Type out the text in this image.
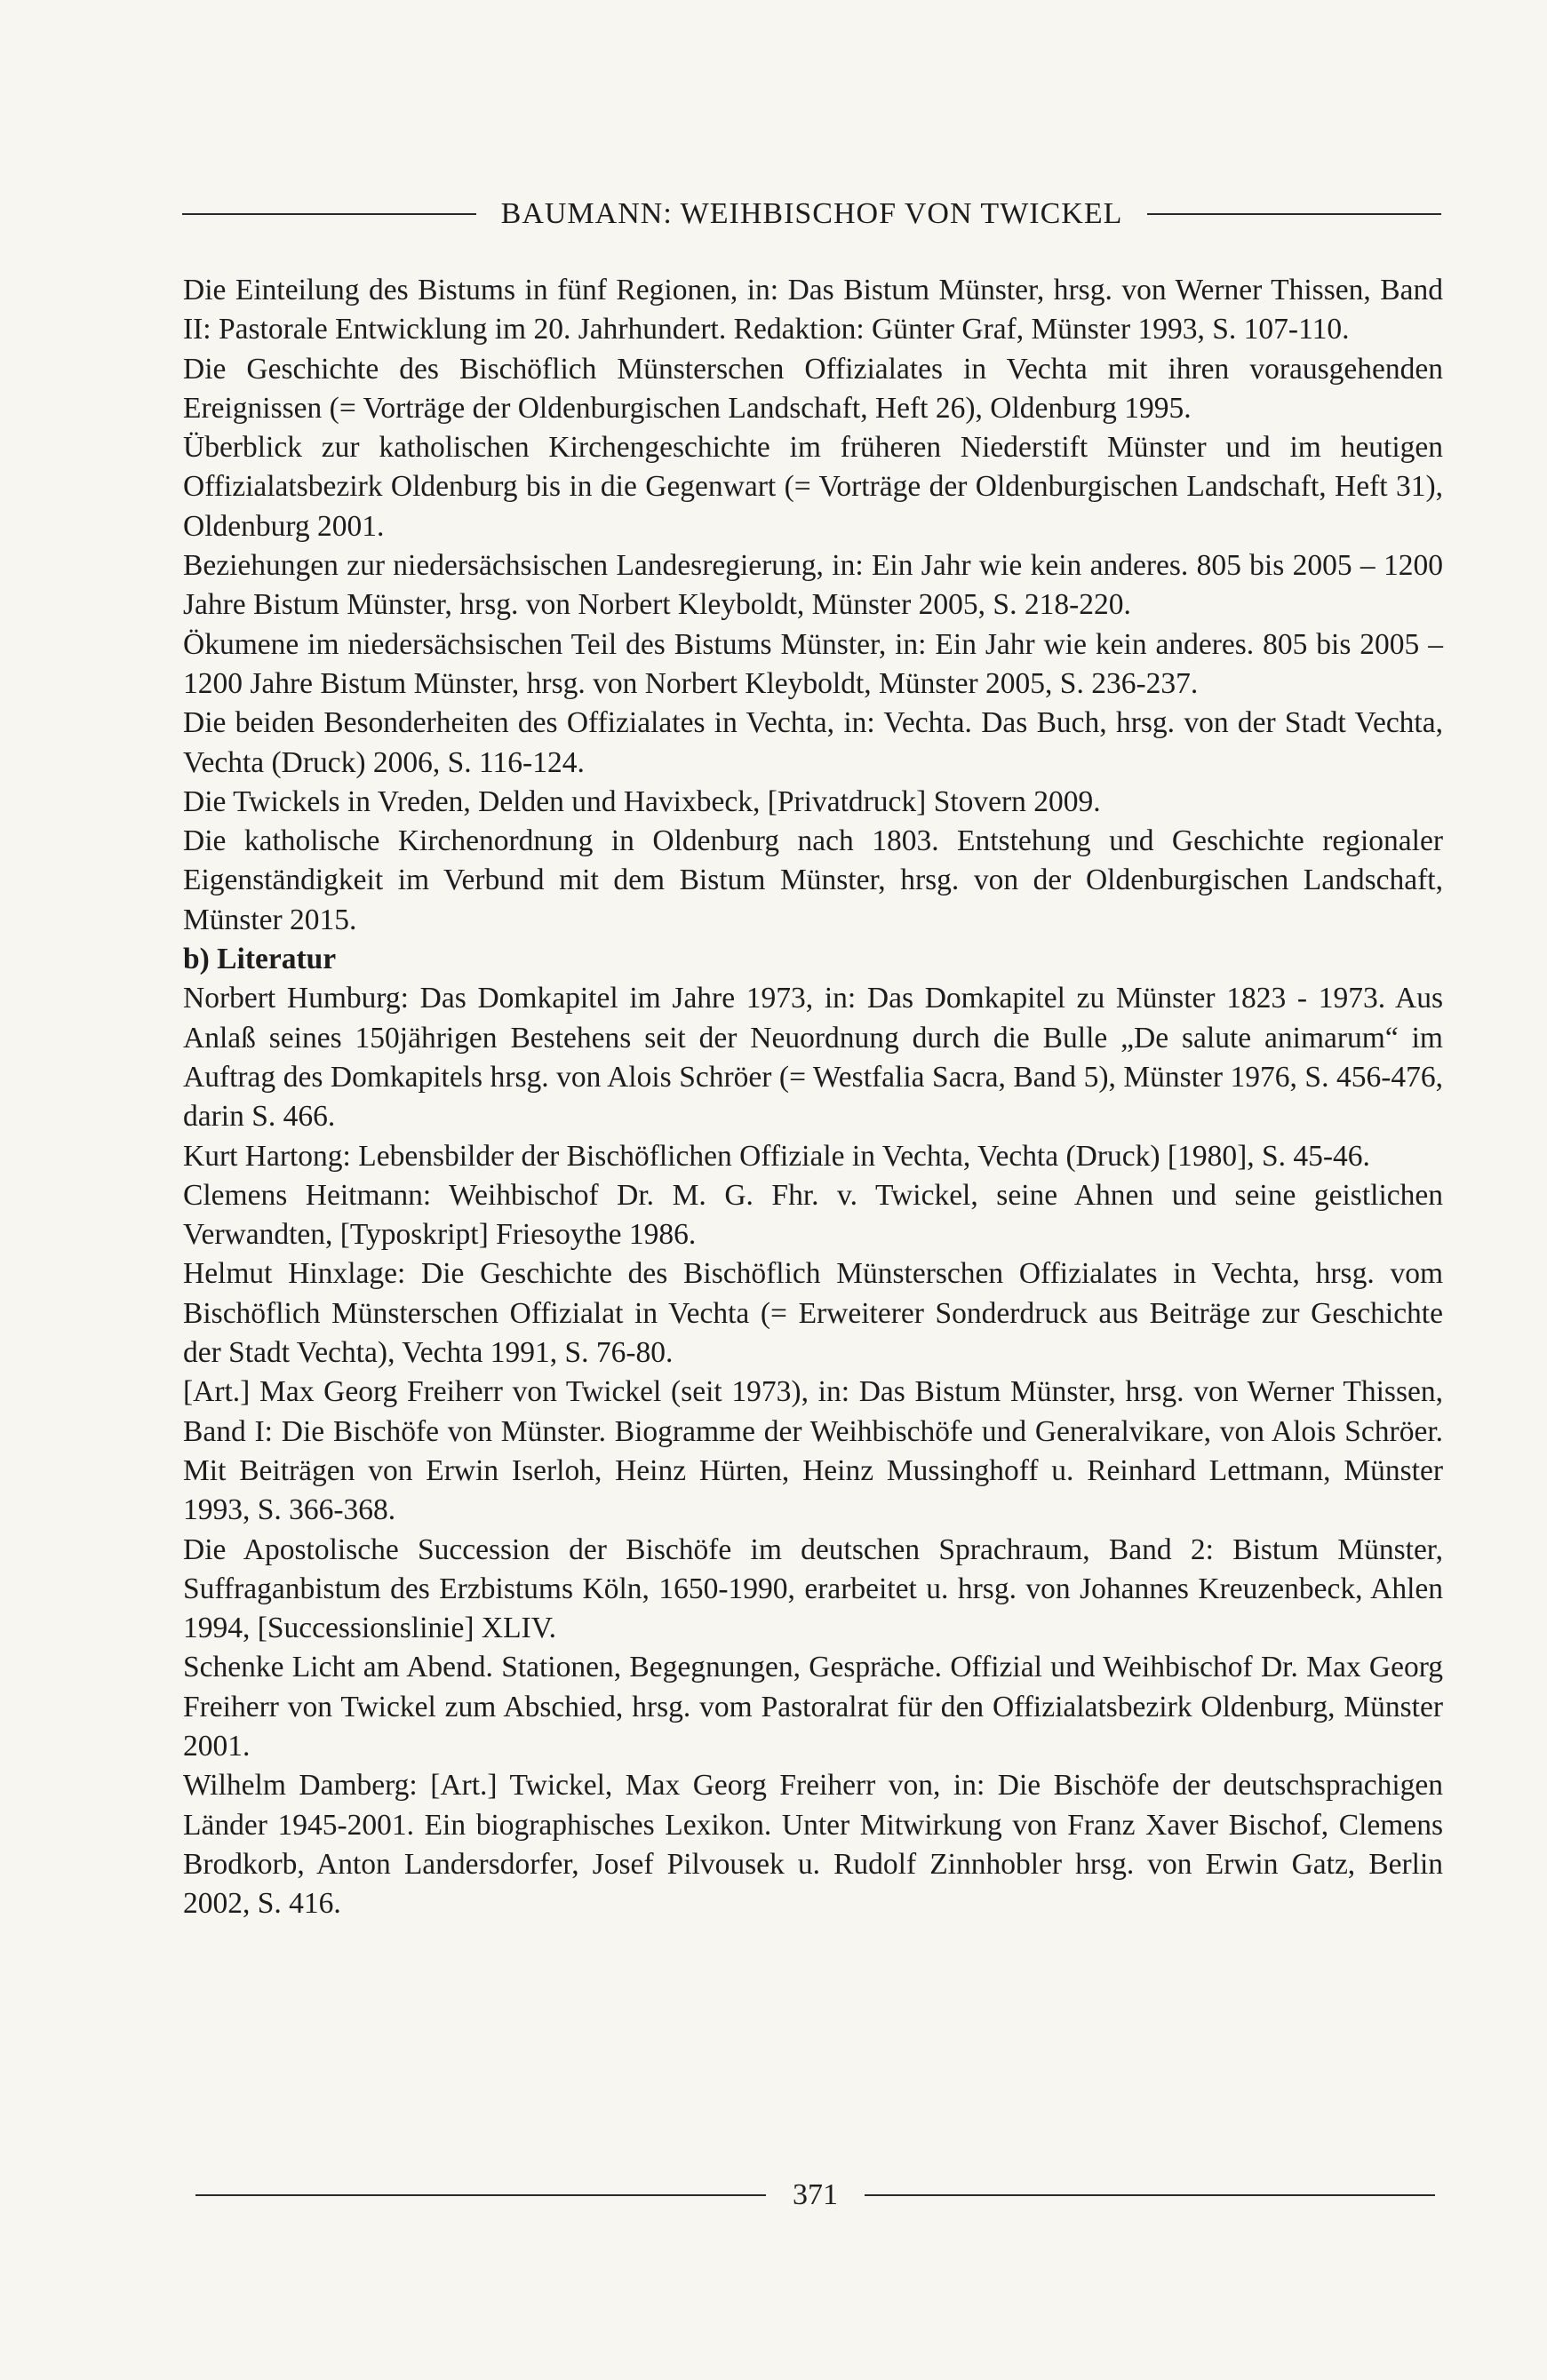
BAUMANN: WEIHBISCHOF VON TWICKEL

Die Einteilung des Bistums in fünf Regionen, in: Das Bistum Münster, hrsg. von Werner Thissen, Band II: Pastorale Entwicklung im 20. Jahrhundert. Redaktion: Günter Graf, Münster 1993, S. 107-110.

Die Geschichte des Bischöflich Münsterschen Offizialates in Vechta mit ihren vorausgehenden Ereignissen (= Vorträge der Oldenburgischen Landschaft, Heft 26), Oldenburg 1995.

Überblick zur katholischen Kirchengeschichte im früheren Niederstift Münster und im heutigen Offizialatsbezirk Oldenburg bis in die Gegenwart (= Vorträge der Oldenburgischen Landschaft, Heft 31), Oldenburg 2001.

Beziehungen zur niedersächsischen Landesregierung, in: Ein Jahr wie kein anderes. 805 bis 2005 – 1200 Jahre Bistum Münster, hrsg. von Norbert Kleyboldt, Münster 2005, S. 218-220.

Ökumene im niedersächsischen Teil des Bistums Münster, in: Ein Jahr wie kein anderes. 805 bis 2005 – 1200 Jahre Bistum Münster, hrsg. von Norbert Kleyboldt, Münster 2005, S. 236-237.

Die beiden Besonderheiten des Offizialates in Vechta, in: Vechta. Das Buch, hrsg. von der Stadt Vechta, Vechta (Druck) 2006, S. 116-124.

Die Twickels in Vreden, Delden und Havixbeck, [Privatdruck] Stovern 2009.

Die katholische Kirchenordnung in Oldenburg nach 1803. Entstehung und Geschichte regionaler Eigenständigkeit im Verbund mit dem Bistum Münster, hrsg. von der Oldenburgischen Landschaft, Münster 2015.

b) Literatur

Norbert Humburg: Das Domkapitel im Jahre 1973, in: Das Domkapitel zu Münster 1823 - 1973. Aus Anlaß seines 150jährigen Bestehens seit der Neuordnung durch die Bulle „De salute animarum“ im Auftrag des Domkapitels hrsg. von Alois Schröer (= Westfalia Sacra, Band 5), Münster 1976, S. 456-476, darin S. 466.

Kurt Hartong: Lebensbilder der Bischöflichen Offiziale in Vechta, Vechta (Druck) [1980], S. 45-46.

Clemens Heitmann: Weihbischof Dr. M. G. Fhr. v. Twickel, seine Ahnen und seine geistlichen Verwandten, [Typoskript] Friesoythe 1986.

Helmut Hinxlage: Die Geschichte des Bischöflich Münsterschen Offizialates in Vechta, hrsg. vom Bischöflich Münsterschen Offizialat in Vechta (= Erweiterer Sonderdruck aus Beiträge zur Geschichte der Stadt Vechta), Vechta 1991, S. 76-80.

[Art.] Max Georg Freiherr von Twickel (seit 1973), in: Das Bistum Münster, hrsg. von Werner Thissen, Band I: Die Bischöfe von Münster. Biogramme der Weihbischöfe und Generalvikare, von Alois Schröer. Mit Beiträgen von Erwin Iserloh, Heinz Hürten, Heinz Mussinghoff u. Reinhard Lettmann, Münster 1993, S. 366-368.

Die Apostolische Succession der Bischöfe im deutschen Sprachraum, Band 2: Bistum Münster, Suffraganbistum des Erzbistums Köln, 1650-1990, erarbeitet u. hrsg. von Johannes Kreuzenbeck, Ahlen 1994, [Successionslinie] XLIV.

Schenke Licht am Abend. Stationen, Begegnungen, Gespräche. Offizial und Weihbischof Dr. Max Georg Freiherr von Twickel zum Abschied, hrsg. vom Pastoralrat für den Offizialatsbezirk Oldenburg, Münster 2001.

Wilhelm Damberg: [Art.] Twickel, Max Georg Freiherr von, in: Die Bischöfe der deutschsprachigen Länder 1945-2001. Ein biographisches Lexikon. Unter Mitwirkung von Franz Xaver Bischof, Clemens Brodkorb, Anton Landersdorfer, Josef Pilvousek u. Rudolf Zinnhobler hrsg. von Erwin Gatz, Berlin 2002, S. 416.

371
